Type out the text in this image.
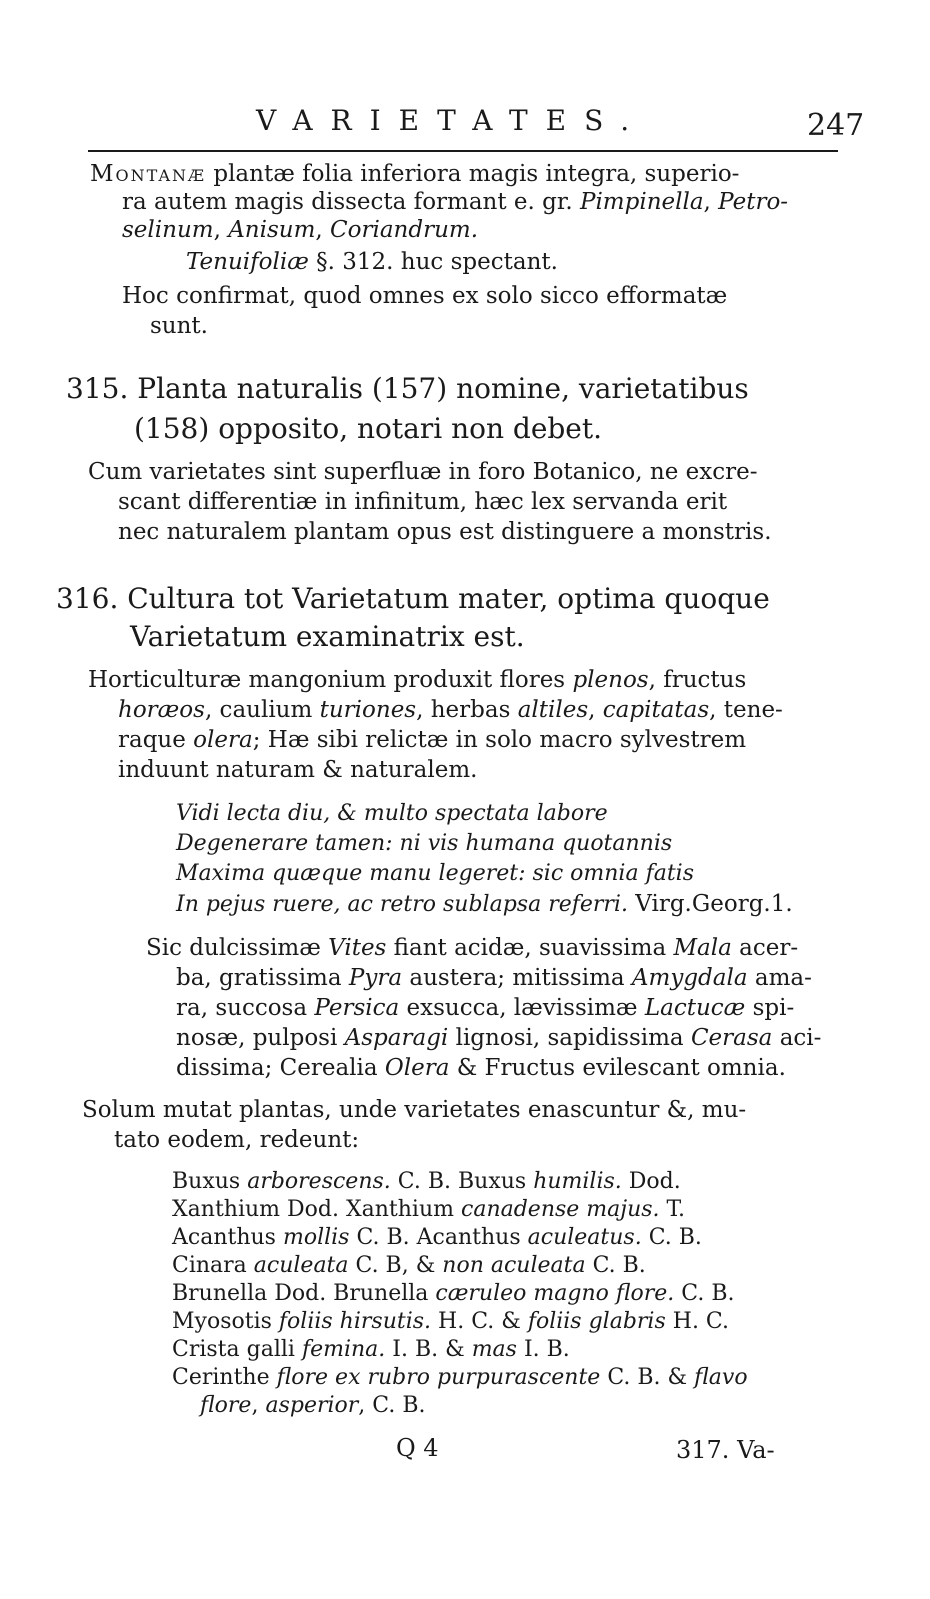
VARIETATES.	247
Montanæ plantæ folia inferiora magis integra, superio-
ra autem magis dissecta formant e. gr. Pimpinella, Petro-
selinum, Anisum, Coriandrum.
Tenuifoliæ §. 312. huc spectant.
Hoc confirmat, quod omnes ex solo sicco efformatæ
sunt.
315. Planta naturalis (157) nomine, varietatibus
(158) opposito, notari non debet.
Cum varietates sint superfluæ in foro Botanico, ne excre-
scant differentiæ in infinitum, hæc lex servanda erit
nec naturalem plantam opus est distinguere a monstris.
316. Cultura tot Varietatum mater, optima quoque
Varietatum examinatrix est.
Horticulturæ mangonium produxit flores plenos, fructus
horæos, caulium turiones, herbas altiles, capitatas, tene-
raque olera; Hæ sibi relictæ in solo macro sylvestrem
induunt naturam & naturalem.
Vidi lecta diu, & multo spectata labore
Degenerare tamen: ni vis humana quotannis
Maxima quæque manu legeret: sic omnia fatis
In pejus ruere, ac retro sublapsa referri. Virg.Georg.1.
Sic dulcissimæ Vites fiant acidæ, suavissima Mala acer-
ba, gratissima Pyra austera; mitissima Amygdala ama-
ra, succosa Persica exsucca, lævissimæ Lactucæ spi-
nosæ, pulposi Asparagi lignosi, sapidissima Cerasa aci-
dissima; Cerealia Olera & Fructus evilescant omnia.
Solum mutat plantas, unde varietates enascuntur &, mu-
tato eodem, redeunt:
Buxus arborescens. C. B. Buxus humilis. Dod.
Xanthium Dod. Xanthium canadense majus. T.
Acanthus mollis C. B. Acanthus aculeatus. C. B.
Cinara aculeata C. B, & non aculeata C. B.
Brunella Dod. Brunella cæruleo magno flore. C. B.
Myosotis foliis hirsutis. H. C. & foliis glabris H. C.
Crista galli femina. I. B. & mas I. B.
Cerinthe flore ex rubro purpurascente C. B. & flavo
flore, asperior, C. B.
Q 4	317. Va-
